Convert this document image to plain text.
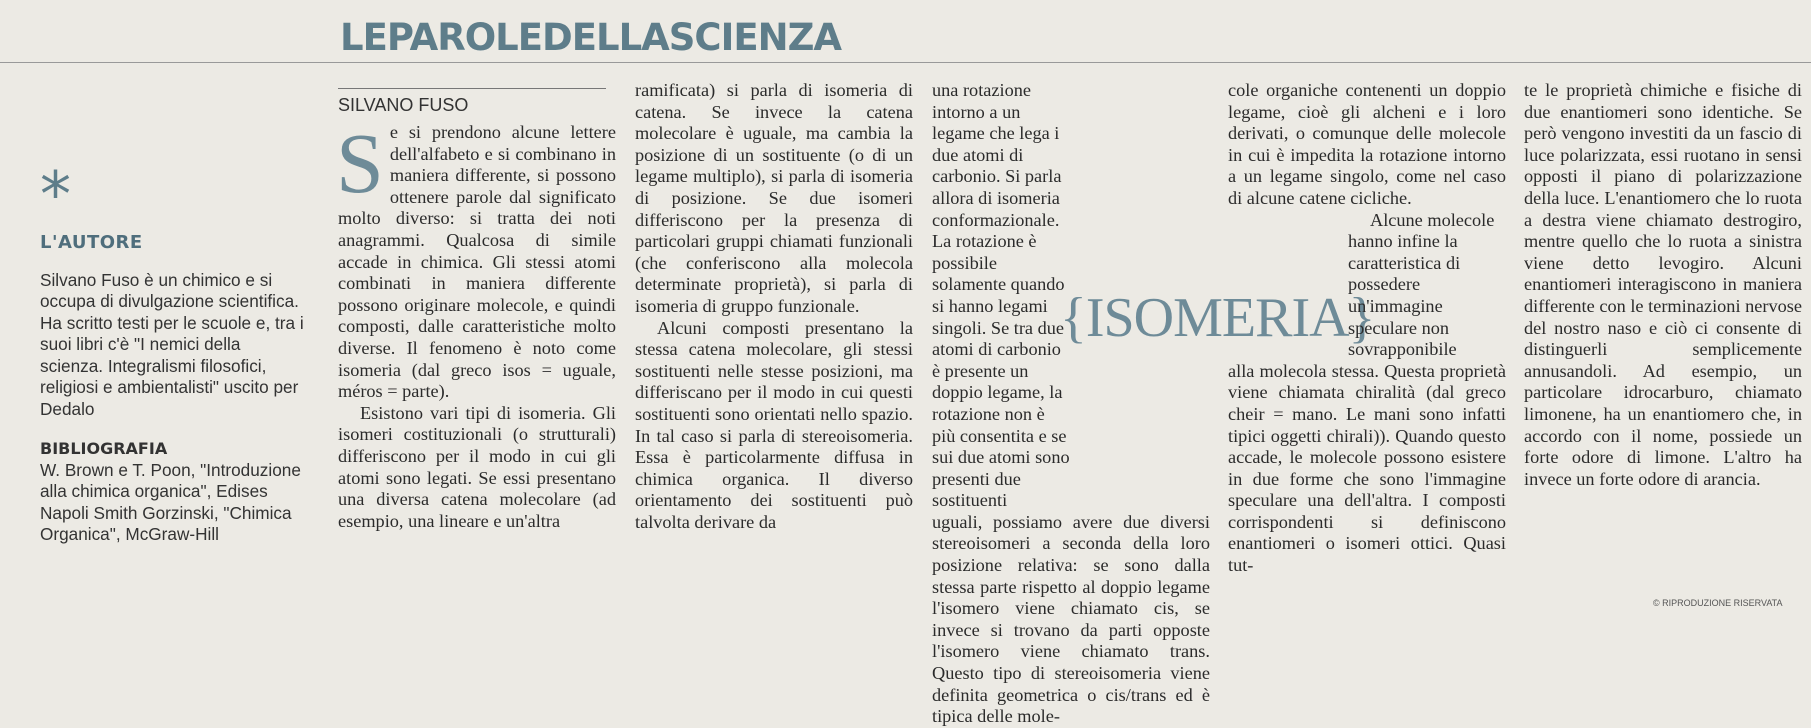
LEPAROLEDELLASCIENZA
*
L'AUTORE

Silvano Fuso è un chimico e si occupa di divulgazione scientifica. Ha scritto testi per le scuole e, tra i suoi libri c'è "I nemici della scienza. Integralismi filosofici, religiosi e ambientalisti" uscito per Dedalo

BIBLIOGRAFIA

W. Brown e T. Poon, "Introduzione alla chimica organica", Edises Napoli Smith Gorzinski, "Chimica Organica", McGraw-Hill

SILVANO FUSO

Se si prendono alcune lettere dell'alfabeto e si combinano in maniera differente, si possono ottenere parole dal significato molto diverso: si tratta dei noti anagrammi. Qualcosa di simile accade in chimica. Gli stessi atomi combinati in maniera differente possono originare molecole, e quindi composti, dalle caratteristiche molto diverse. Il fenomeno è noto come isomeria (dal greco isos = uguale, méros = parte).

Esistono vari tipi di isomeria. Gli isomeri costituzionali (o strutturali) differiscono per il modo in cui gli atomi sono legati. Se essi presentano una diversa catena molecolare (ad esempio, una lineare e un'altra

ramificata) si parla di isomeria di catena. Se invece la catena molecolare è uguale, ma cambia la posizione di un sostituente (o di un legame multiplo), si parla di isomeria di posizione. Se due isomeri differiscono per la presenza di particolari gruppi chiamati funzionali (che conferiscono alla molecola determinate proprietà), si parla di isomeria di gruppo funzionale.

Alcuni composti presentano la stessa catena molecolare, gli stessi sostituenti nelle stesse posizioni, ma differiscano per il modo in cui questi sostituenti sono orientati nello spazio. In tal caso si parla di stereoisomeria. Essa è particolarmente diffusa in chimica organica. Il diverso orientamento dei sostituenti può talvolta derivare da

una rotazione intorno a un legame che lega i due atomi di carbonio. Si parla allora di isomeria conformazionale. La rotazione è possibile solamente quando si hanno legami singoli. Se tra due atomi di carbonio è presente un doppio legame, la rotazione non è più consentita e se sui due atomi sono presenti due sostituenti

uguali, possiamo avere due diversi stereoisomeri a seconda della loro posizione relativa: se sono dalla stessa parte rispetto al doppio legame l'isomero viene chiamato cis, se invece si trovano da parti opposte l'isomero viene chiamato trans. Questo tipo di stereoisomeria viene definita geometrica o cis/trans ed è tipica delle mole-

{ISOMERIA}

cole organiche contenenti un doppio legame, cioè gli alcheni e i loro derivati, o comunque delle molecole in cui è impedita la rotazione intorno a un legame singolo, come nel caso di alcune catene cicliche.

Alcune molecole hanno infine la caratteristica di possedere un'immagine speculare non sovrapponibile

alla molecola stessa. Questa proprietà viene chiamata chiralità (dal greco cheir = mano. Le mani sono infatti tipici oggetti chirali)). Quando questo accade, le molecole possono esistere in due forme che sono l'immagine speculare una dell'altra. I composti corrispondenti si definiscono enantiomeri o isomeri ottici. Quasi tut-

te le proprietà chimiche e fisiche di due enantiomeri sono identiche. Se però vengono investiti da un fascio di luce polarizzata, essi ruotano in sensi opposti il piano di polarizzazione della luce. L'enantiomero che lo ruota a destra viene chiamato destrogiro, mentre quello che lo ruota a sinistra viene detto levogiro. Alcuni enantiomeri interagiscono in maniera differente con le terminazioni nervose del nostro naso e ciò ci consente di distinguerli semplicemente annusandoli. Ad esempio, un particolare idrocarburo, chiamato limonene, ha un enantiomero che, in accordo con il nome, possiede un forte odore di limone. L'altro ha invece un forte odore di arancia.

© RIPRODUZIONE RISERVATA
